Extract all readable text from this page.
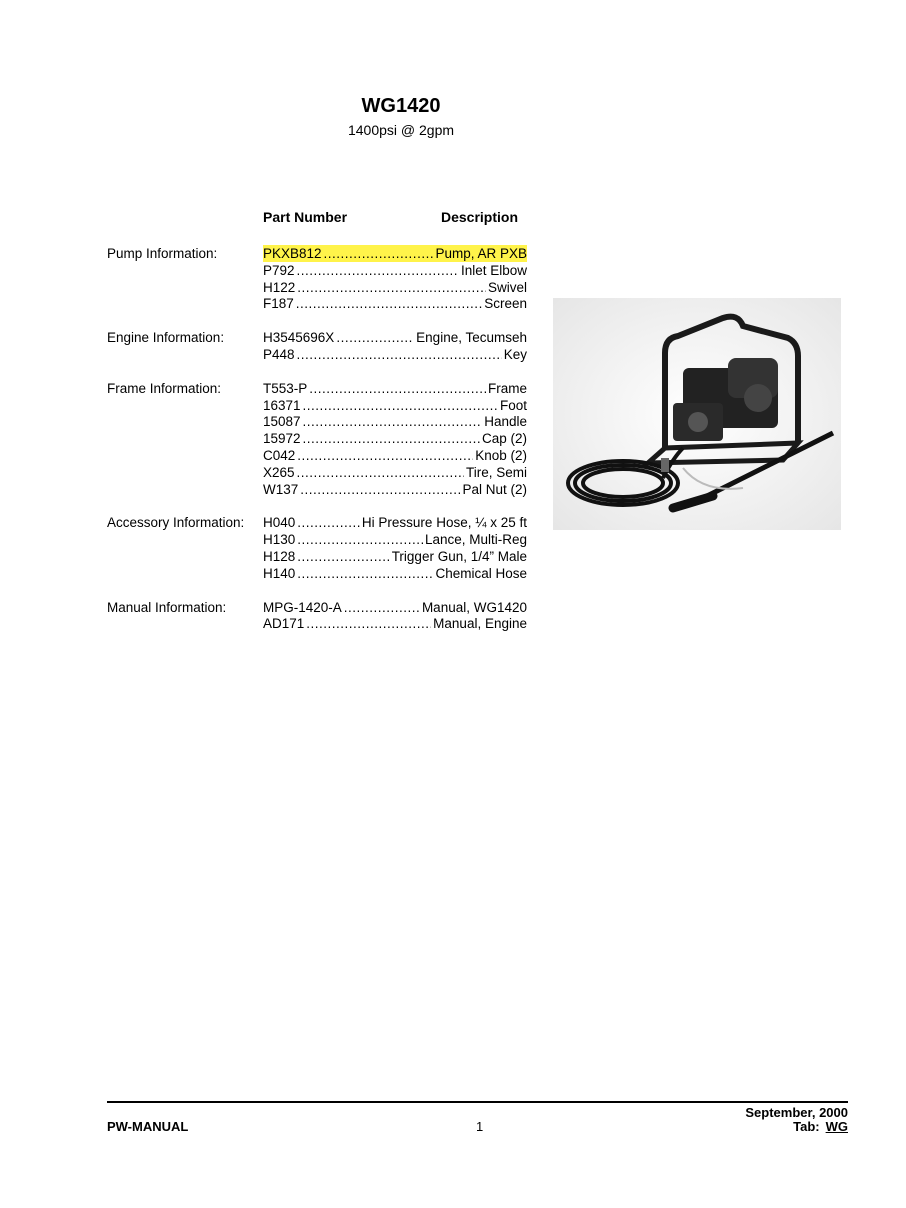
WG1420
1400psi @ 2gpm
Part Number	Description
Pump Information:	PKXB812 .....	Pump, AR PXB
P792 .....	Inlet Elbow
H122 .....	Swivel
F187 .....	Screen
Engine Information:	H3545696X .....	Engine, Tecumseh
P448 .....	Key
Frame Information:	T553-P .....	Frame
16371 .....	Foot
15087 .....	Handle
15972 .....	Cap (2)
C042 .....	Knob (2)
X265 .....	Tire, Semi
W137 .....	Pal Nut (2)
Accessory Information: H040 .....	Hi Pressure Hose, ¼ x 25 ft
H130 .....	Lance, Multi-Reg
H128 .....	Trigger Gun, 1/4” Male
H140 .....	Chemical Hose
Manual Information:	MPG-1420-A .....	Manual, WG1420
AD171 .....	Manual, Engine
PW-MANUAL	1
September, 2000
Tab: WG
